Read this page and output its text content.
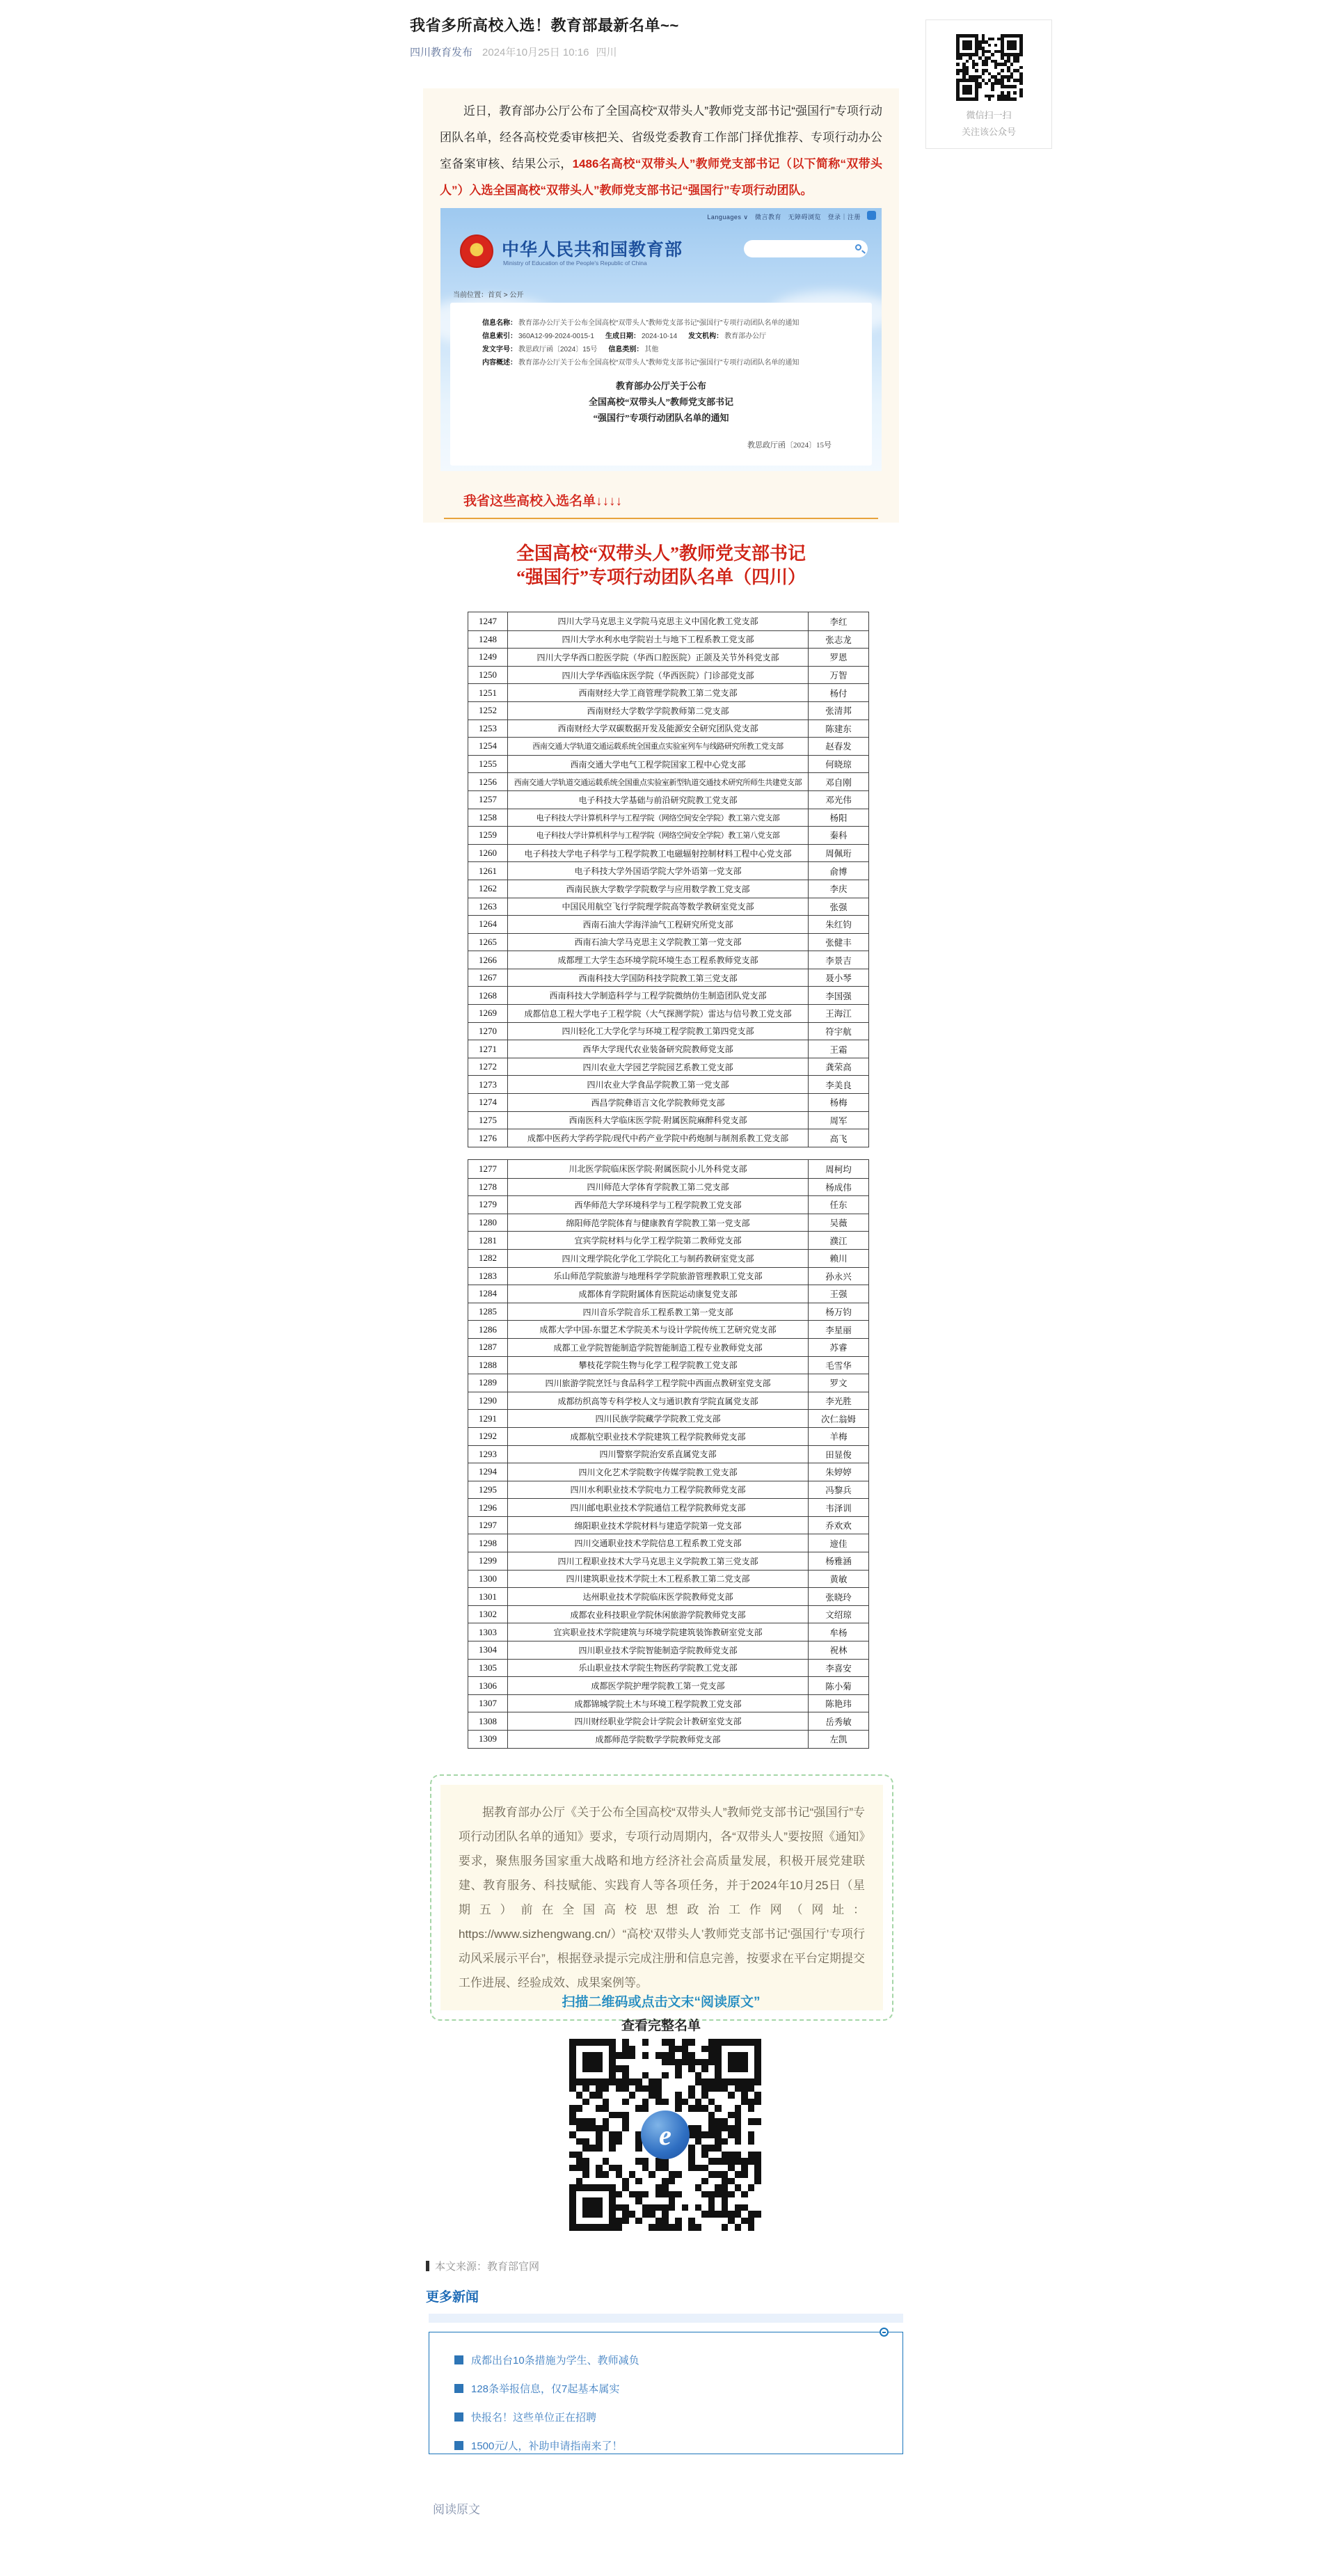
我省多所高校入选！教育部最新名单~~
四川教育发布 2024年10月25日 10:16 四川
微信扫一扫
关注该公众号

近日，教育部办公厅公布了全国高校“双带头人”教师党支部书记“强国行”专项行动团队名单，经各高校党委审核把关、省级党委教育工作部门择优推荐、专项行动办公室备案审核、结果公示，1486名高校“双带头人”教师党支部书记（以下简称“双带头人”）入选全国高校“双带头人”教师党支部书记“强国行”专项行动团队。

Languages ∨　微言教育　无障碍浏览　登录｜注册
★
中华人民共和国教育部
Ministry of Education of the People's Republic of China
当前位置：首页 > 公开
信息名称： 教育部办公厅关于公布全国高校“双带头人”教师党支部书记“强国行”专项行动团队名单的通知
信息索引： 360A12-99-2024-0015-1 生成日期： 2024-10-14 发文机构： 教育部办公厅
发文字号： 教思政厅函〔2024〕15号 信息类别： 其他
内容概述： 教育部办公厅关于公布全国高校“双带头人”教师党支部书记“强国行”专项行动团队名单的通知
教育部办公厅关于公布
全国高校“双带头人”教师党支部书记
“强国行”专项行动团队名单的通知
教思政厅函〔2024〕15号
我省这些高校入选名单↓↓↓↓
全国高校“双带头人”教师党支部书记
“强国行”专项行动团队名单（四川）
1247	四川大学马克思主义学院马克思主义中国化教工党支部	李红
1248	四川大学水利水电学院岩土与地下工程系教工党支部	张志龙
1249	四川大学华西口腔医学院（华西口腔医院）正颌及关节外科党支部	罗恩
1250	四川大学华西临床医学院（华西医院）门诊部党支部	万智
1251	西南财经大学工商管理学院教工第二党支部	杨付
1252	西南财经大学数学学院教师第二党支部	张清邦
1253	西南财经大学双碳数据开发及能源安全研究团队党支部	陈建东
1254	西南交通大学轨道交通运载系统全国重点实验室列车与线路研究所教工党支部	赵春发
1255	西南交通大学电气工程学院国家工程中心党支部	何晓琼
1256	西南交通大学轨道交通运载系统全国重点实验室新型轨道交通技术研究所师生共建党支部	邓自刚
1257	电子科技大学基础与前沿研究院教工党支部	邓光伟
1258	电子科技大学计算机科学与工程学院（网络空间安全学院）教工第六党支部	杨阳
1259	电子科技大学计算机科学与工程学院（网络空间安全学院）教工第八党支部	秦科
1260	电子科技大学电子科学与工程学院教工电磁辐射控制材料工程中心党支部	周佩珩
1261	电子科技大学外国语学院大学外语第一党支部	俞博
1262	西南民族大学数学学院数学与应用数学教工党支部	李庆
1263	中国民用航空飞行学院理学院高等数学教研室党支部	张强
1264	西南石油大学海洋油气工程研究所党支部	朱红钧
1265	西南石油大学马克思主义学院教工第一党支部	张健丰
1266	成都理工大学生态环境学院环境生态工程系教师党支部	李景吉
1267	西南科技大学国防科技学院教工第三党支部	聂小琴
1268	西南科技大学制造科学与工程学院微纳仿生制造团队党支部	李国强
1269	成都信息工程大学电子工程学院（大气探测学院）雷达与信号教工党支部	王海江
1270	四川轻化工大学化学与环境工程学院教工第四党支部	符宇航
1271	西华大学现代农业装备研究院教师党支部	王霜
1272	四川农业大学园艺学院园艺系教工党支部	龚荣高
1273	四川农业大学食品学院教工第一党支部	李美良
1274	西昌学院彝语言文化学院教师党支部	杨梅
1275	西南医科大学临床医学院·附属医院麻醉科党支部	周军
1276	成都中医药大学药学院/现代中药产业学院中药炮制与制剂系教工党支部	高飞
1277	川北医学院临床医学院·附属医院小儿外科党支部	周柯均
1278	四川师范大学体育学院教工第二党支部	杨成伟
1279	西华师范大学环境科学与工程学院教工党支部	任东
1280	绵阳师范学院体育与健康教育学院教工第一党支部	吴薇
1281	宜宾学院材料与化学工程学院第二教师党支部	濮江
1282	四川文理学院化学化工学院化工与制药教研室党支部	赖川
1283	乐山师范学院旅游与地理科学学院旅游管理教职工党支部	孙永兴
1284	成都体育学院附属体育医院运动康复党支部	王强
1285	四川音乐学院音乐工程系教工第一党支部	杨万钧
1286	成都大学中国-东盟艺术学院美术与设计学院传统工艺研究党支部	李星丽
1287	成都工业学院智能制造学院智能制造工程专业教师党支部	苏睿
1288	攀枝花学院生物与化学工程学院教工党支部	毛雪华
1289	四川旅游学院烹饪与食品科学工程学院中西面点教研室党支部	罗文
1290	成都纺织高等专科学校人文与通识教育学院直属党支部	李光胜
1291	四川民族学院藏学学院教工党支部	次仁翁姆
1292	成都航空职业技术学院建筑工程学院教师党支部	羊梅
1293	四川警察学院治安系直属党支部	田显俊
1294	四川文化艺术学院数字传媒学院教工党支部	朱婷婷
1295	四川水利职业技术学院电力工程学院教师党支部	冯黎兵
1296	四川邮电职业技术学院通信工程学院教师党支部	韦泽训
1297	绵阳职业技术学院材料与建造学院第一党支部	乔欢欢
1298	四川交通职业技术学院信息工程系教工党支部	遆佳
1299	四川工程职业技术大学马克思主义学院教工第三党支部	杨雅涵
1300	四川建筑职业技术学院土木工程系教工第二党支部	黄敏
1301	达州职业技术学院临床医学院教师党支部	张晓玲
1302	成都农业科技职业学院休闲旅游学院教师党支部	文绍琼
1303	宜宾职业技术学院建筑与环境学院建筑装饰教研室党支部	牟杨
1304	四川职业技术学院智能制造学院教师党支部	祝林
1305	乐山职业技术学院生物医药学院教工党支部	李喜安
1306	成都医学院护理学院教工第一党支部	陈小菊
1307	成都锦城学院土木与环境工程学院教工党支部	陈艳玮
1308	四川财经职业学院会计学院会计教研室党支部	岳秀敏
1309	成都师范学院数学学院教师党支部	左凯

据教育部办公厅《关于公布全国高校“双带头人”教师党支部书记“强国行”专项行动团队名单的通知》要求，专项行动周期内，各“双带头人”要按照《通知》要求，聚焦服务国家重大战略和地方经济社会高质量发展，积极开展党建联建、教育服务、科技赋能、实践育人等各项任务，并于2024年10月25日（星期五）前在全国高校思想政治工作网（网址：https://www.sizhengwang.cn/）“高校‘双带头人’教师党支部书记‘强国行’专项行动风采展示平台”，根据登录提示完成注册和信息完善，按要求在平台定期提交工作进展、经验成效、成果案例等。

扫描二维码或点击文末“阅读原文”
查看完整名单
e
本文来源：教育部官网
更多新闻
成都出台10条措施为学生、教师减负
128条举报信息，仅7起基本属实
快报名！这些单位正在招聘
1500元/人，补助申请指南来了！
阅读原文
